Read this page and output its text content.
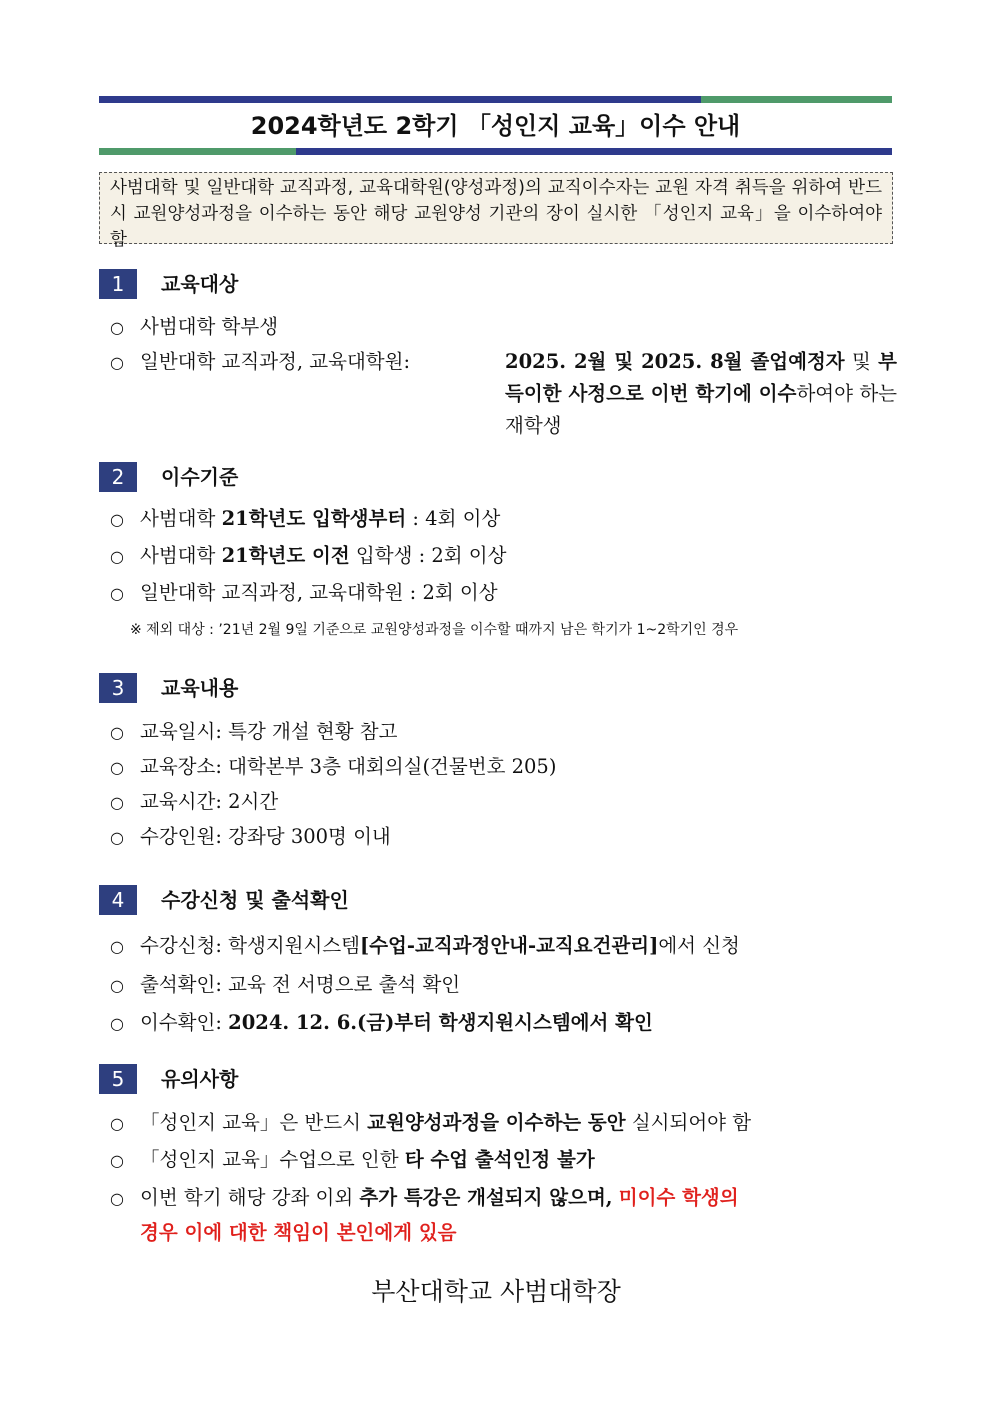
2024학년도 2학기 「성인지 교육」이수 안내
사범대학 및 일반대학 교직과정, 교육대학원(양성과정)의 교직이수자는 교원 자격 취득을 위하여 반드시 교원양성과정을 이수하는 동안 해당 교원양성 기관의 장이 실시한 「성인지 교육」을 이수하여야 함
1	교육대상
○ 사범대학 학부생
○ 일반대학 교직과정, 교육대학원:	2025. 2월 및 2025. 8월 졸업예정자 및 부득이한 사정으로 이번 학기에 이수하여야 하는 재학생
2	이수기준
○ 사범대학 21학년도 입학생부터 : 4회 이상
○ 사범대학 21학년도 이전 입학생 : 2회 이상
○ 일반대학 교직과정, 교육대학원 : 2회 이상
※ 제외 대상 : ’21년 2월 9일 기준으로 교원양성과정을 이수할 때까지 남은 학기가 1~2학기인 경우
3	교육내용
○ 교육일시: 특강 개설 현황 참고
○ 교육장소: 대학본부 3층 대회의실(건물번호 205)
○ 교육시간: 2시간
○ 수강인원: 강좌당 300명 이내
4	수강신청 및 출석확인
○ 수강신청: 학생지원시스템[수업-교직과정안내-교직요건관리]에서 신청
○ 출석확인: 교육 전 서명으로 출석 확인
○ 이수확인: 2024. 12. 6.(금)부터 학생지원시스템에서 확인
5	유의사항
○ 「성인지 교육」은 반드시 교원양성과정을 이수하는 동안 실시되어야 함
○ 「성인지 교육」수업으로 인한 타 수업 출석인정 불가
○ 이번 학기 해당 강좌 이외 추가 특강은 개설되지 않으며, 미이수 학생의
경우 이에 대한 책임이 본인에게 있음
부산대학교 사범대학장
